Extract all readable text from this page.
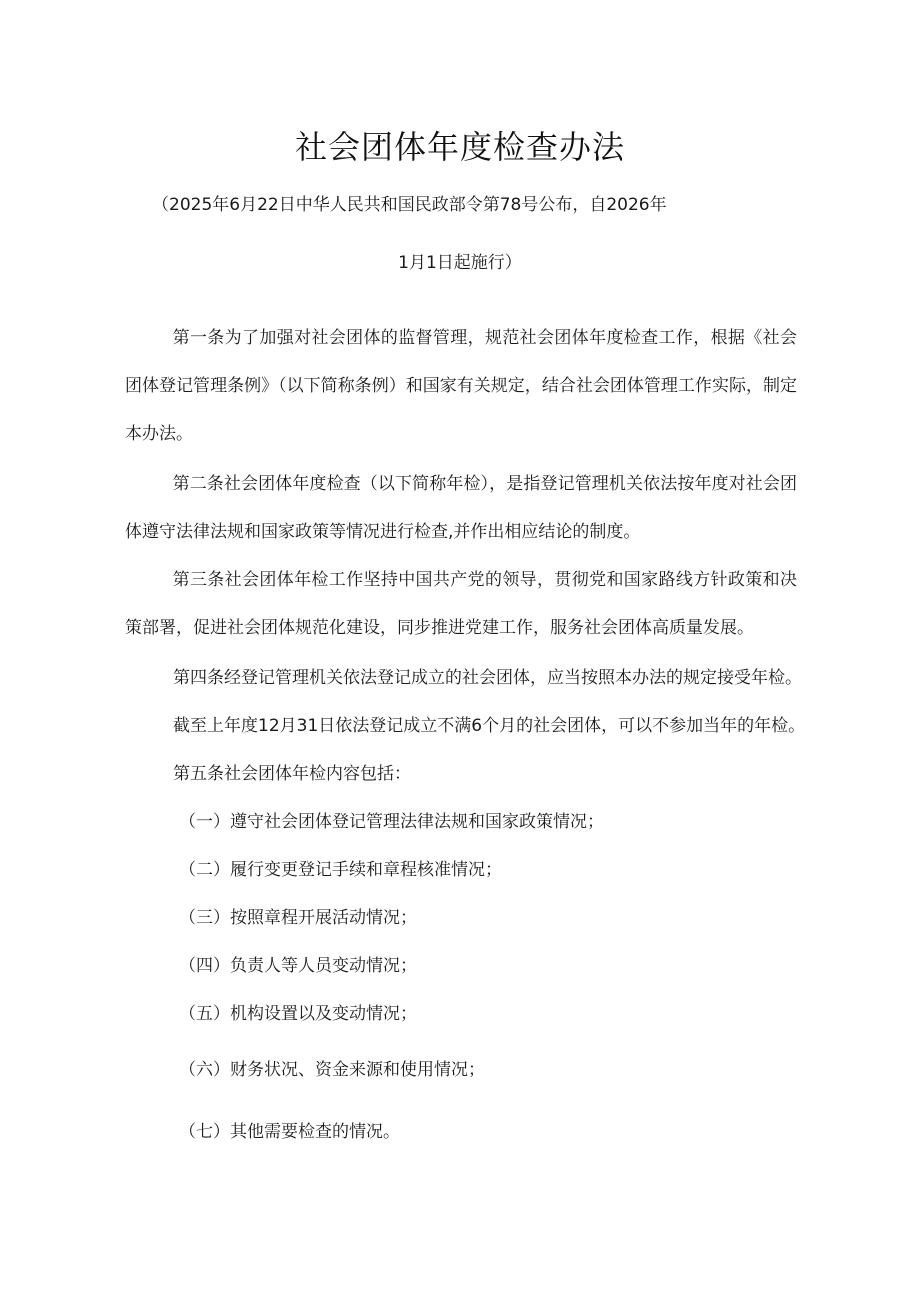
社会团体年度检查办法
（2025年6月22日中华人民共和国民政部令第78号公布，自2026年
1月1日起施行）

第一条为了加强对社会团体的监督管理，规范社会团体年度检查工作，根据《社会团体登记管理条例》（以下简称条例）和国家有关规定，结合社会团体管理工作实际，制定本办法。

第二条社会团体年度检查（以下简称年检），是指登记管理机关依法按年度对社会团体遵守法律法规和国家政策等情况进行检查,并作出相应结论的制度。

第三条社会团体年检工作坚持中国共产党的领导，贯彻党和国家路线方针政策和决策部署，促进社会团体规范化建设，同步推进党建工作，服务社会团体高质量发展。

第四条经登记管理机关依法登记成立的社会团体，应当按照本办法的规定接受年检。
截至上年度12月31日依法登记成立不满6个月的社会团体，可以不参加当年的年检。
第五条社会团体年检内容包括：
（一）遵守社会团体登记管理法律法规和国家政策情况；
（二）履行变更登记手续和章程核准情况；
（三）按照章程开展活动情况；
（四）负责人等人员变动情况；
（五）机构设置以及变动情况；
（六）财务状况、资金来源和使用情况；
（七）其他需要检查的情况。
